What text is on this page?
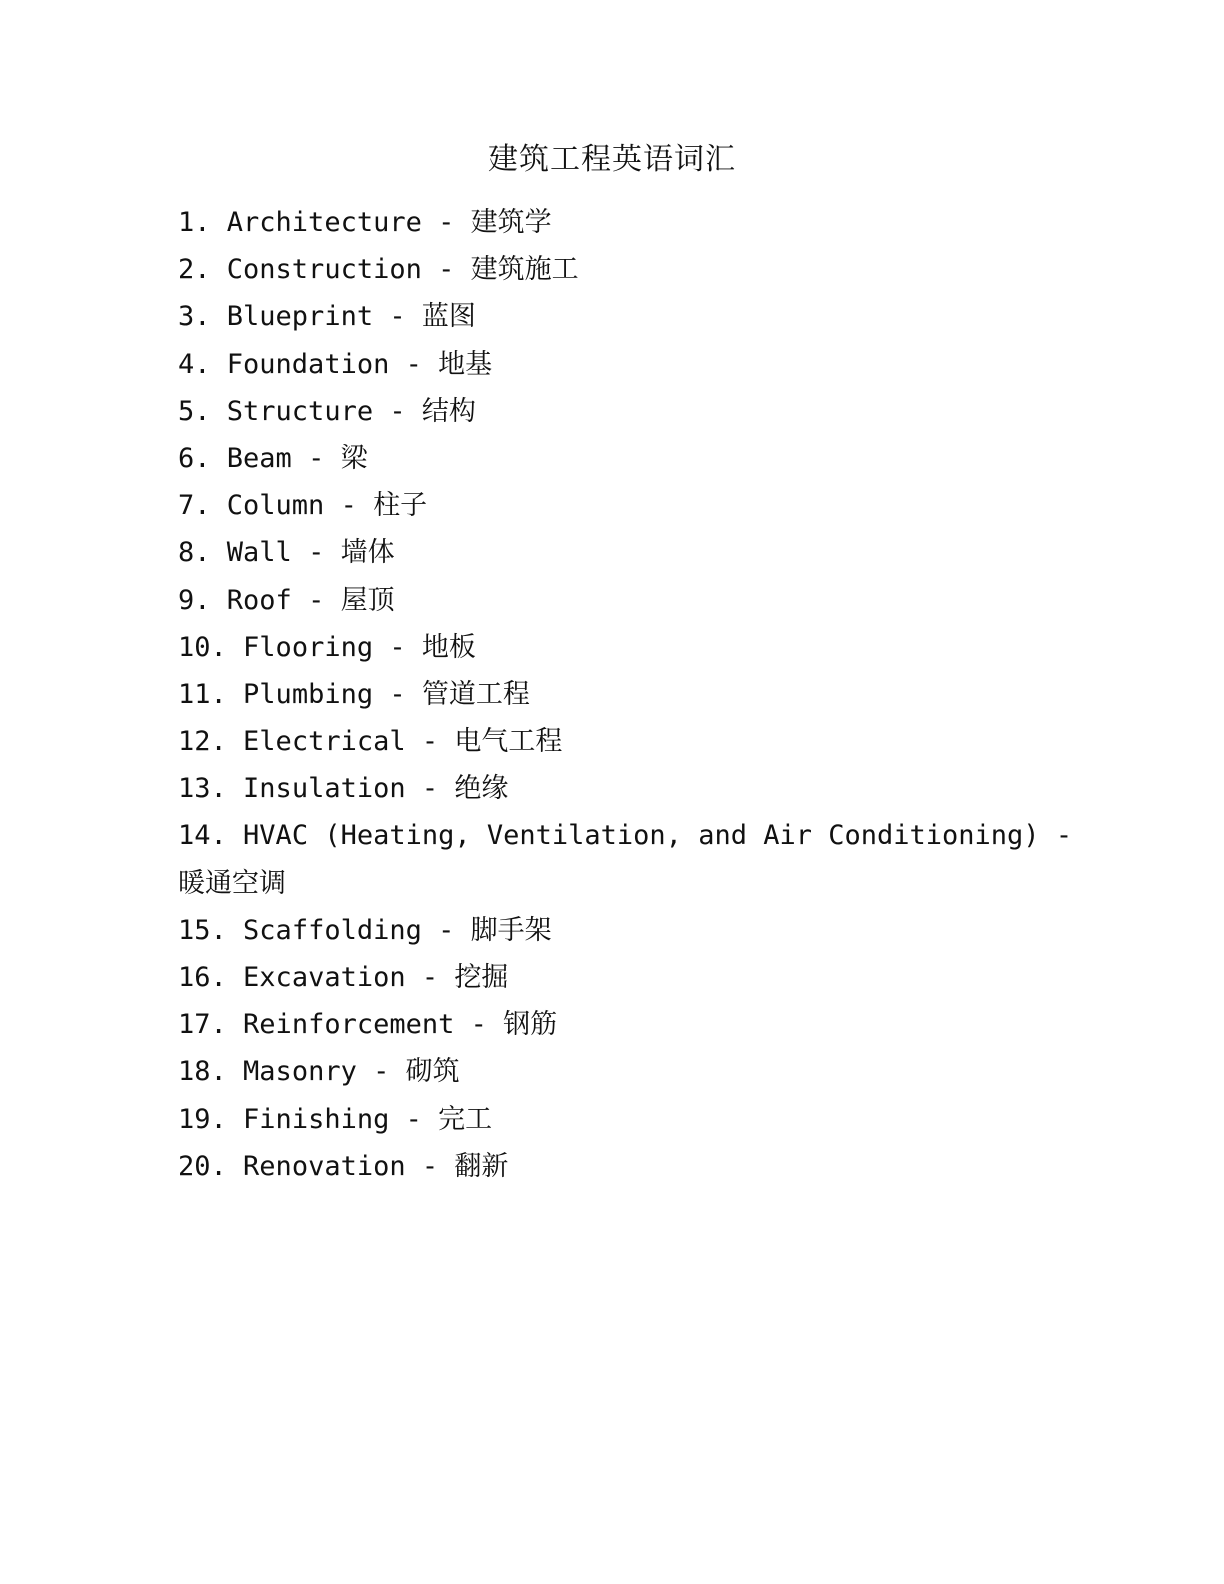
建筑工程英语词汇
1. Architecture - 建筑学
2. Construction - 建筑施工
3. Blueprint - 蓝图
4. Foundation - 地基
5. Structure - 结构
6. Beam - 梁
7. Column - 柱子
8. Wall - 墙体
9. Roof - 屋顶
10. Flooring - 地板
11. Plumbing - 管道工程
12. Electrical - 电气工程
13. Insulation - 绝缘
14. HVAC (Heating, Ventilation, and Air Conditioning) -
暖通空调
15. Scaffolding - 脚手架
16. Excavation - 挖掘
17. Reinforcement - 钢筋
18. Masonry - 砌筑
19. Finishing - 完工
20. Renovation - 翻新
